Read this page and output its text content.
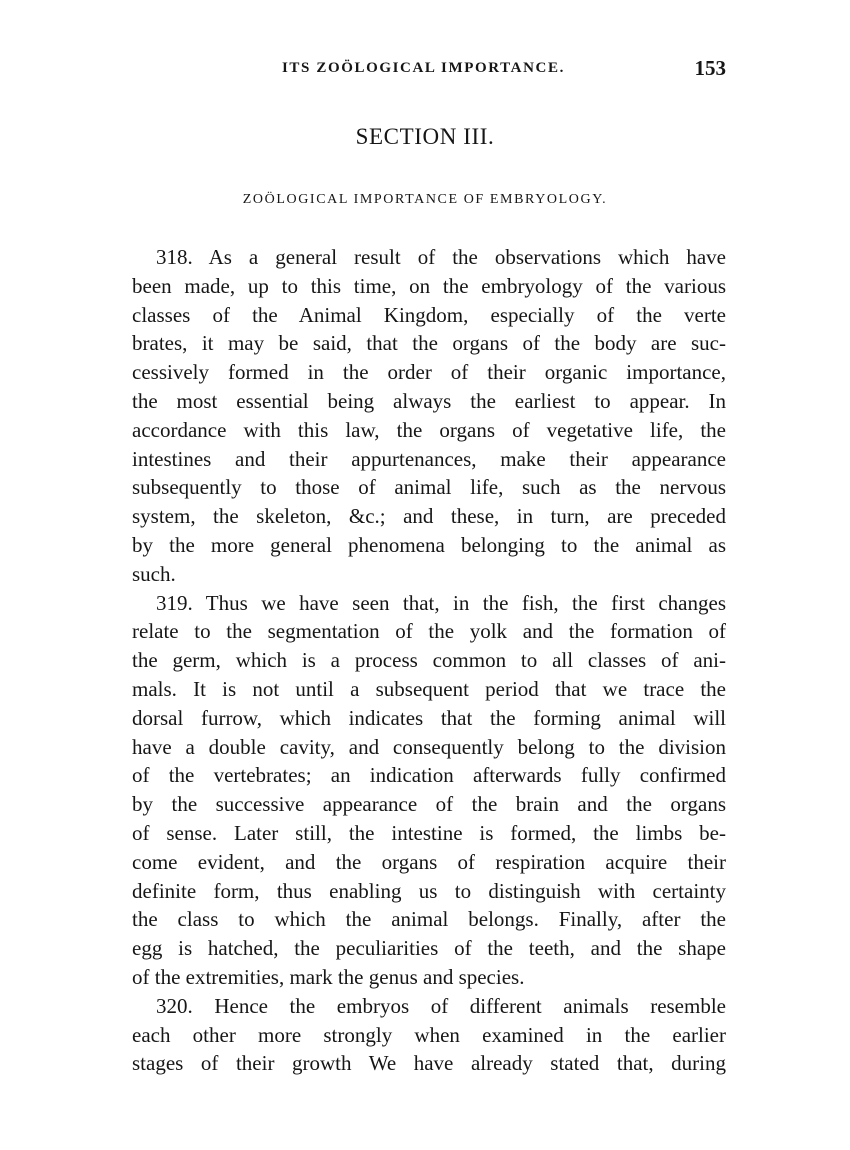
ITS ZOÖLOGICAL IMPORTANCE.	153
SECTION III.
ZOÖLOGICAL IMPORTANCE OF EMBRYOLOGY.
318. As a general result of the observations which have
been made, up to this time, on the embryology of the various
classes of the Animal Kingdom, especially of the verte
brates, it may be said, that the organs of the body are suc-
cessively formed in the order of their organic importance,
the most essential being always the earliest to appear. In
accordance with this law, the organs of vegetative life, the
intestines and their appurtenances, make their appearance
subsequently to those of animal life, such as the nervous
system, the skeleton, &c.; and these, in turn, are preceded
by the more general phenomena belonging to the animal as
such.
319. Thus we have seen that, in the fish, the first changes
relate to the segmentation of the yolk and the formation of
the germ, which is a process common to all classes of ani-
mals. It is not until a subsequent period that we trace the
dorsal furrow, which indicates that the forming animal will
have a double cavity, and consequently belong to the division
of the vertebrates; an indication afterwards fully confirmed
by the successive appearance of the brain and the organs
of sense. Later still, the intestine is formed, the limbs be-
come evident, and the organs of respiration acquire their
definite form, thus enabling us to distinguish with certainty
the class to which the animal belongs. Finally, after the
egg is hatched, the peculiarities of the teeth, and the shape
of the extremities, mark the genus and species.
320. Hence the embryos of different animals resemble
each other more strongly when examined in the earlier
stages of their growth We have already stated that, during
